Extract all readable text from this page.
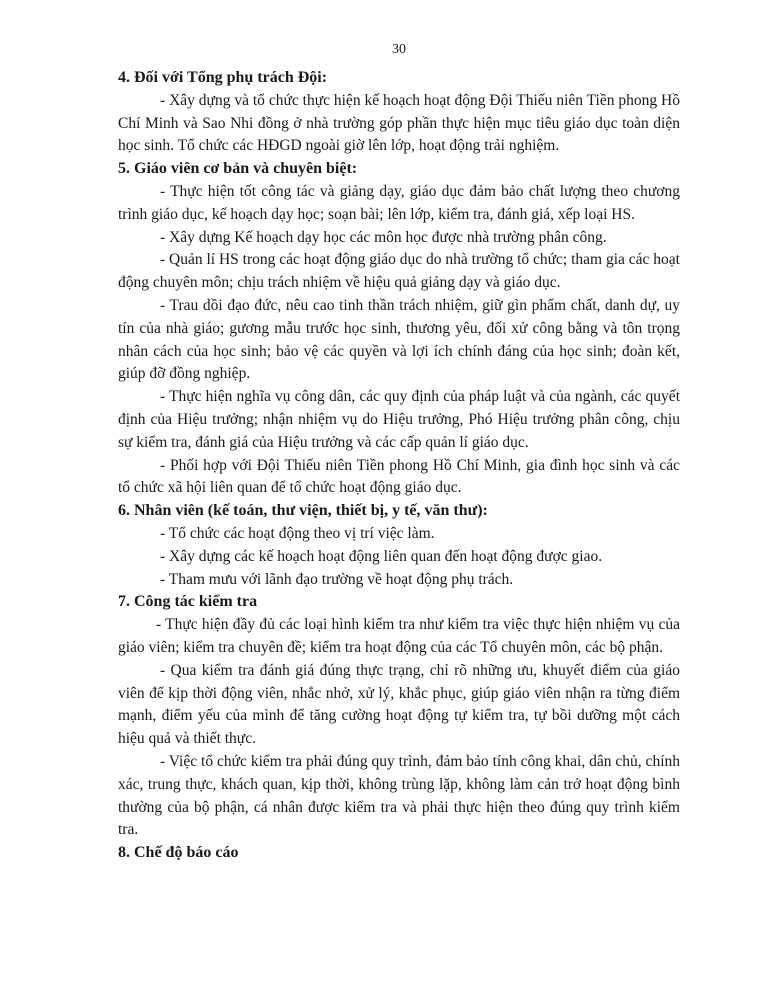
30

4. Đối với Tổng phụ trách Đội:

- Xây dựng và tổ chức thực hiện kế hoạch hoạt động Đội Thiếu niên Tiền phong Hồ Chí Minh và Sao Nhi đồng ở nhà trường góp phần thực hiện mục tiêu giáo dục toàn diện học sinh. Tổ chức các HĐGD ngoài giờ lên lớp, hoạt động trải nghiệm.

5. Giáo viên cơ bản và chuyên biệt:

- Thực hiện tốt công tác và giảng dạy, giáo dục đảm bảo chất lượng theo chương trình giáo dục, kế hoạch dạy học; soạn bài; lên lớp, kiểm tra, đánh giá, xếp loại HS.

- Xây dựng Kế hoạch dạy học các môn học được nhà trường phân công.

- Quản lí HS trong các hoạt động giáo dục do nhà trường tổ chức; tham gia các hoạt động chuyên môn; chịu trách nhiệm về hiệu quả giảng dạy và giáo dục.

- Trau dồi đạo đức, nêu cao tinh thần trách nhiệm, giữ gìn phẩm chất, danh dự, uy tín của nhà giáo; gương mẫu trước học sinh, thương yêu, đối xử công bằng và tôn trọng nhân cách của học sinh; bảo vệ các quyền và lợi ích chính đáng của học sinh; đoàn kết, giúp đỡ đồng nghiệp.

- Thực hiện nghĩa vụ công dân, các quy định của pháp luật và của ngành, các quyết định của Hiệu trưởng; nhận nhiệm vụ do Hiệu trưởng, Phó Hiệu trưởng phân công, chịu sự kiểm tra, đánh giá của Hiệu trưởng và các cấp quản lí giáo dục.

- Phối hợp với Đội Thiếu niên Tiền phong Hồ Chí Minh, gia đình học sinh và các tổ chức xã hội liên quan để tổ chức hoạt động giáo dục.

6. Nhân viên (kế toán, thư viện, thiết bị, y tế, văn thư):

- Tổ chức các hoạt động theo vị trí việc làm.

- Xây dựng các kế hoạch hoạt động liên quan đến hoạt động được giao.

- Tham mưu với lãnh đạo trường về hoạt động phụ trách.

7. Công tác kiểm tra

- Thực hiện đầy đủ các loại hình kiểm tra như kiểm tra việc thực hiện nhiệm vụ của giáo viên; kiểm tra chuyên đề; kiểm tra hoạt động của các Tổ chuyên môn, các bộ phận.

- Qua kiểm tra đánh giá đúng thực trạng, chỉ rõ những ưu, khuyết điểm của giáo viên để kịp thời động viên, nhắc nhở, xử lý, khắc phục, giúp giáo viên nhận ra từng điểm mạnh, điểm yếu của mình để tăng cường hoạt động tự kiểm tra, tự bồi dưỡng một cách hiệu quả và thiết thực.

- Việc tổ chức kiểm tra phải đúng quy trình, đảm bảo tính công khai, dân chủ, chính xác, trung thực, khách quan, kịp thời, không trùng lặp, không làm cản trở hoạt động bình thường của bộ phận, cá nhân được kiểm tra và phải thực hiện theo đúng quy trình kiểm tra.

8. Chế độ báo cáo
